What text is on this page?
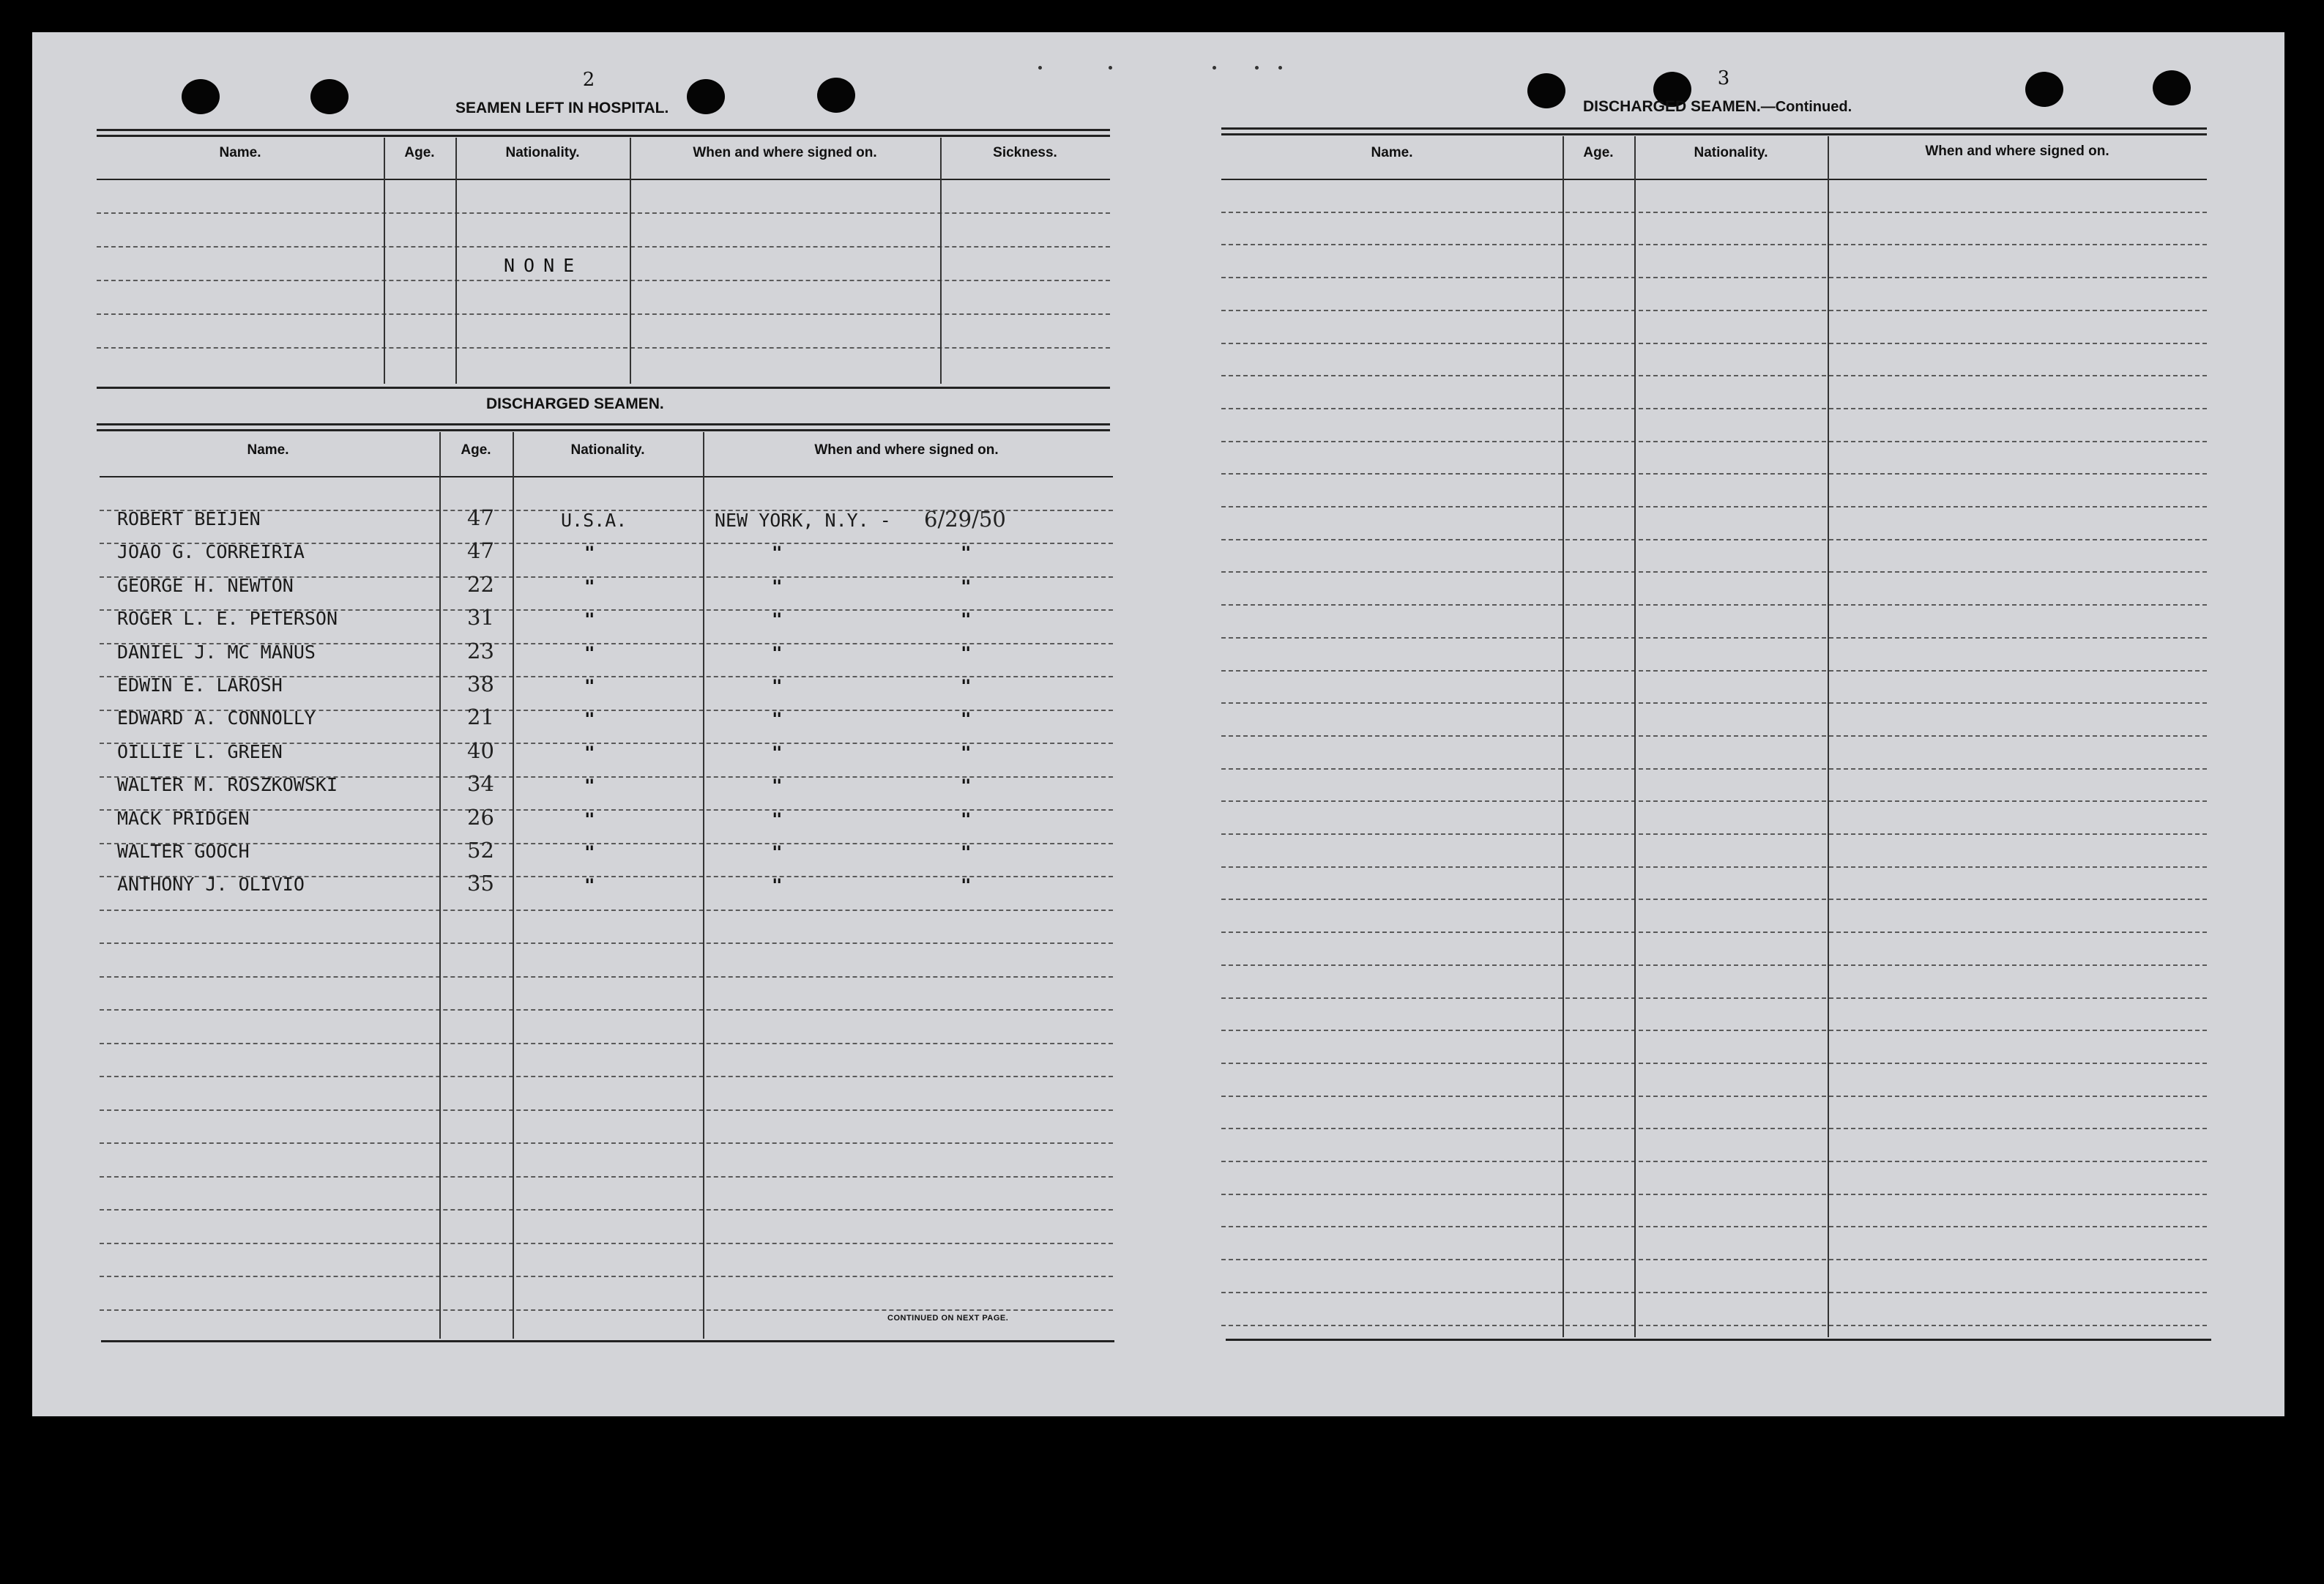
2
SEAMEN LEFT IN HOSPITAL.
Name.	Age.	Nationality.	When and where signed on.	Sickness.
NONE
DISCHARGED SEAMEN.
Name.	Age.	Nationality.	When and where signed on.
ROBERT BEIJEN	47	U.S.A.	NEW YORK, N.Y. - 6/29/50
JOAO G. CORREIRIA	47	"	"	"
GEORGE H. NEWTON	22	"	"	"
ROGER L. E. PETERSON	31	"	"	"
DANIEL J. MC MANUS	23	"	"	"
EDWIN E. LAROSH	38	"	"	"
EDWARD A. CONNOLLY	21	"	"	"
OILLIE L. GREEN	40	"	"	"
WALTER M. ROSZKOWSKI	34	"	"	"
MACK PRIDGEN	26	"	"	"
WALTER GOOCH	52	"	"	"
ANTHONY J. OLIVIO	35	"	"	"
CONTINUED ON NEXT PAGE.
3
DISCHARGED SEAMEN.—Continued.
Name.	Age.	Nationality.	When and where signed on.
